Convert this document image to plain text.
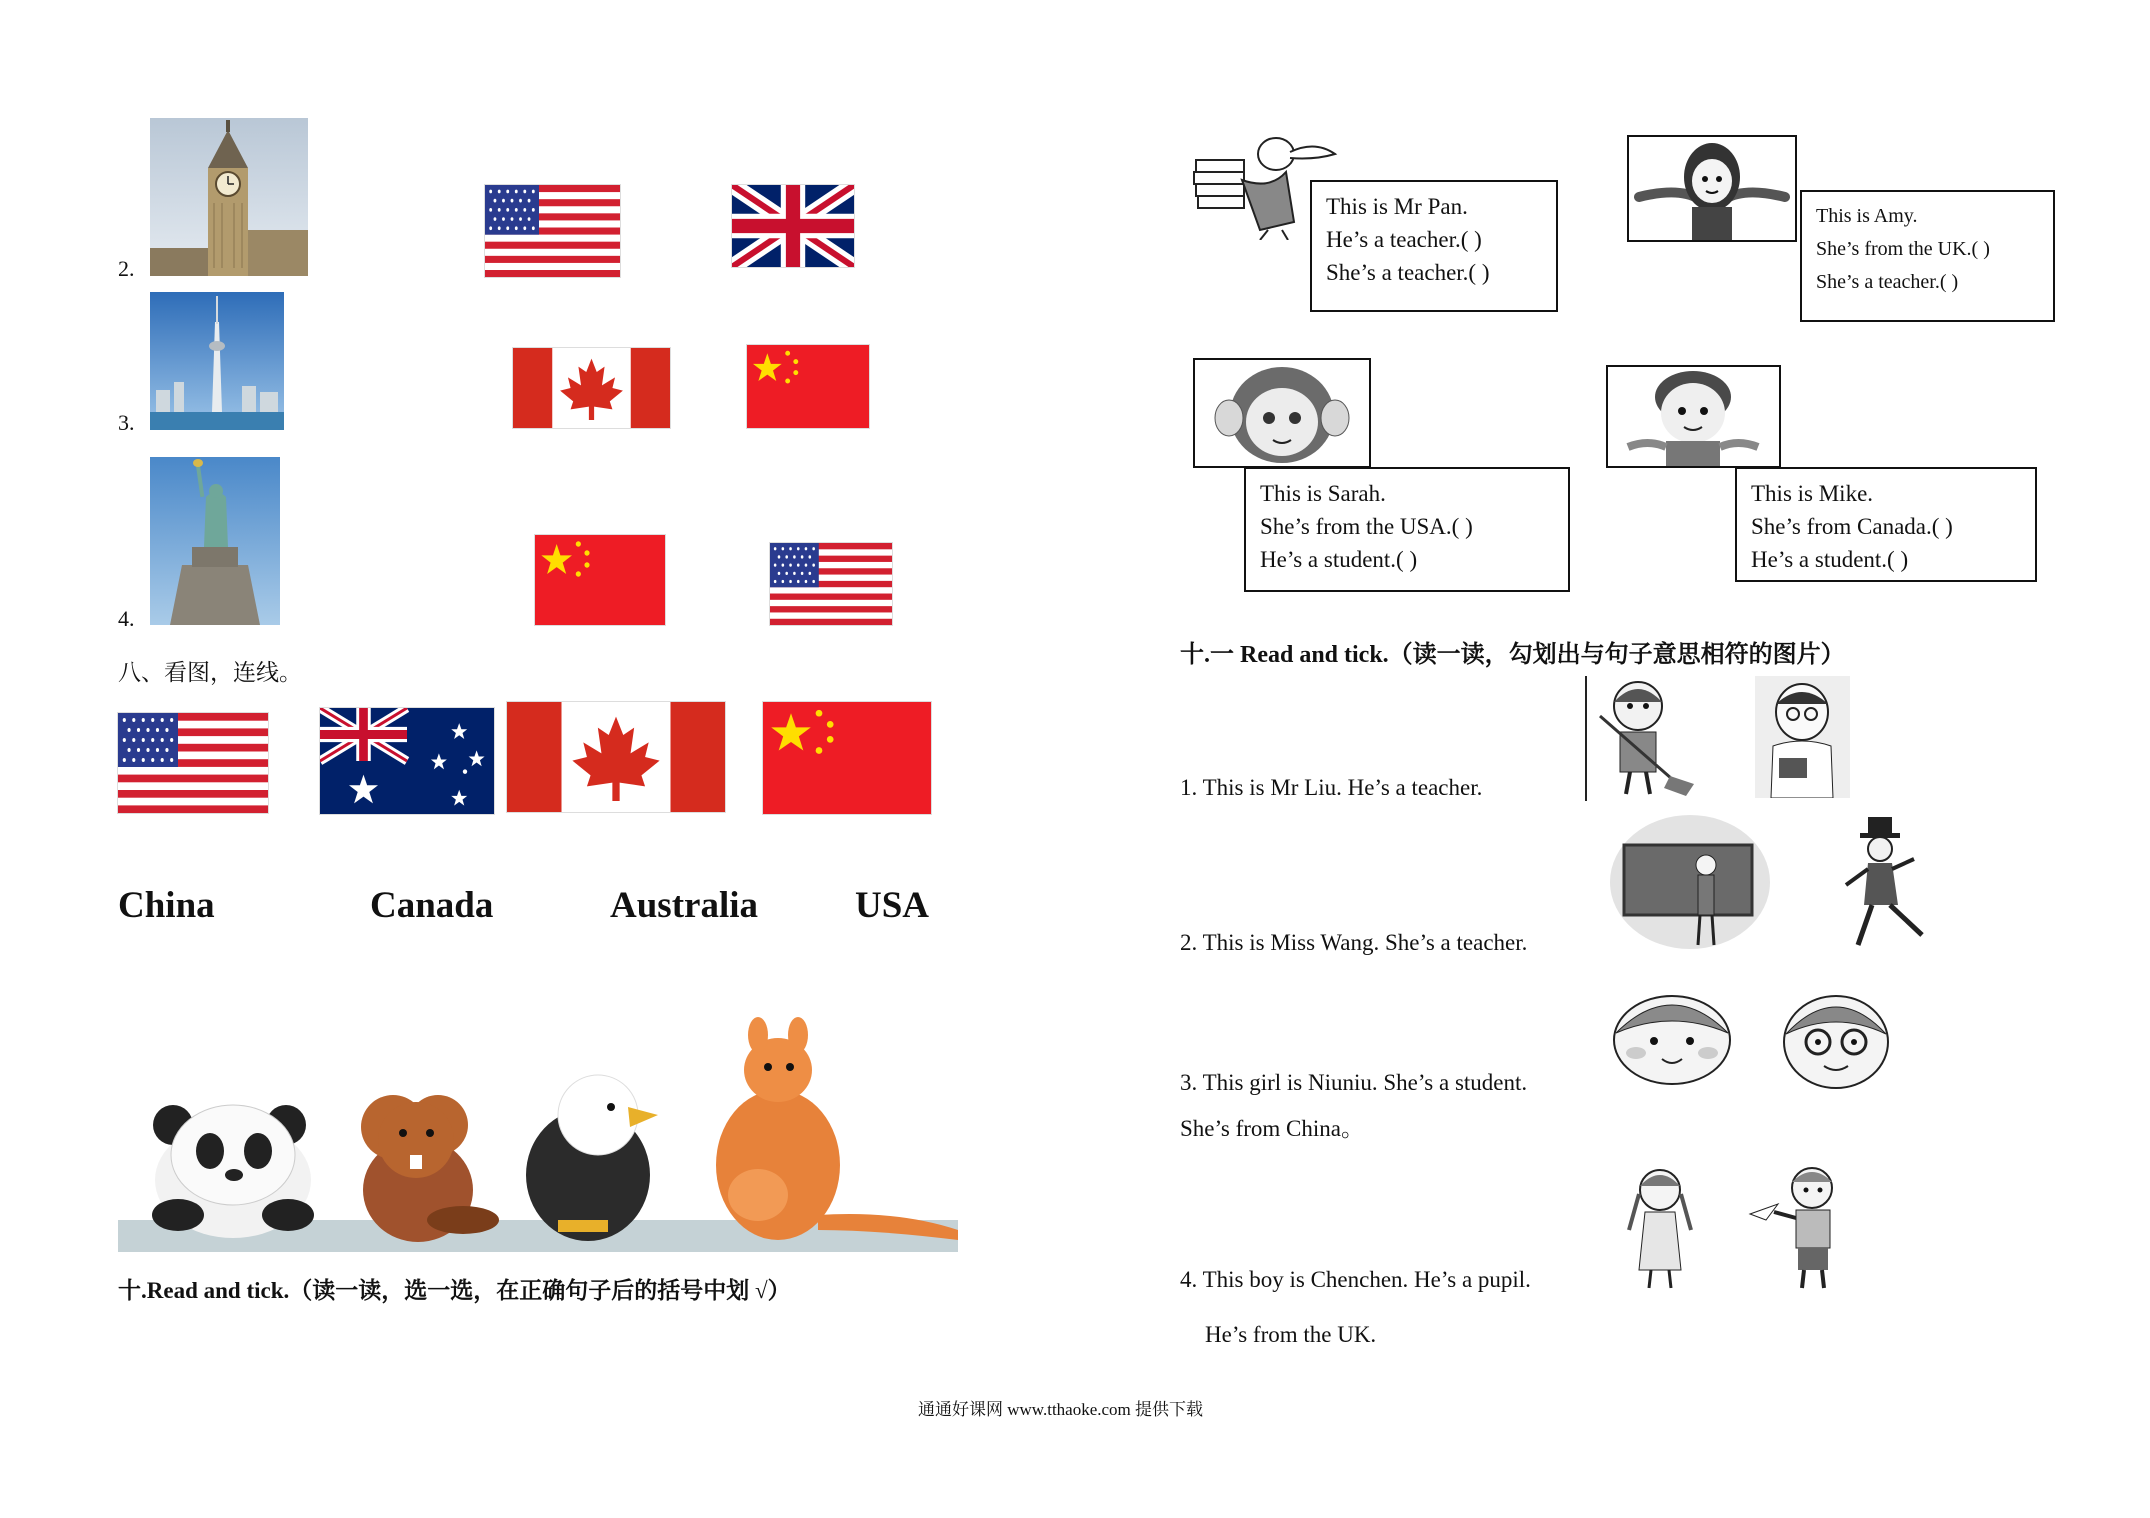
2.
3.
4.
八、看图，连线。
China	Canada	Australia	USA
十.Read and tick.（读一读，选一选，在正确句子后的括号中划 √）
This is Mr Pan.
He’s a teacher.( )
She’s a teacher.( )
This is Amy.
She’s from the UK.( )
She’s a teacher.( )
This is Sarah.
She’s from the USA.( )
He’s a student.( )
This is Mike.
She’s from Canada.( )
He’s a student.( )
十.一 Read and tick.（读一读，勾划出与句子意思相符的图片）
1. This is Mr Liu. He’s a teacher.
2. This is Miss Wang. She’s a teacher.
3. This girl is Niuniu. She’s a student.
She’s from China。
4. This boy is Chenchen. He’s a pupil.
He’s from the UK.
通通好课网 www.tthaoke.com 提供下载
